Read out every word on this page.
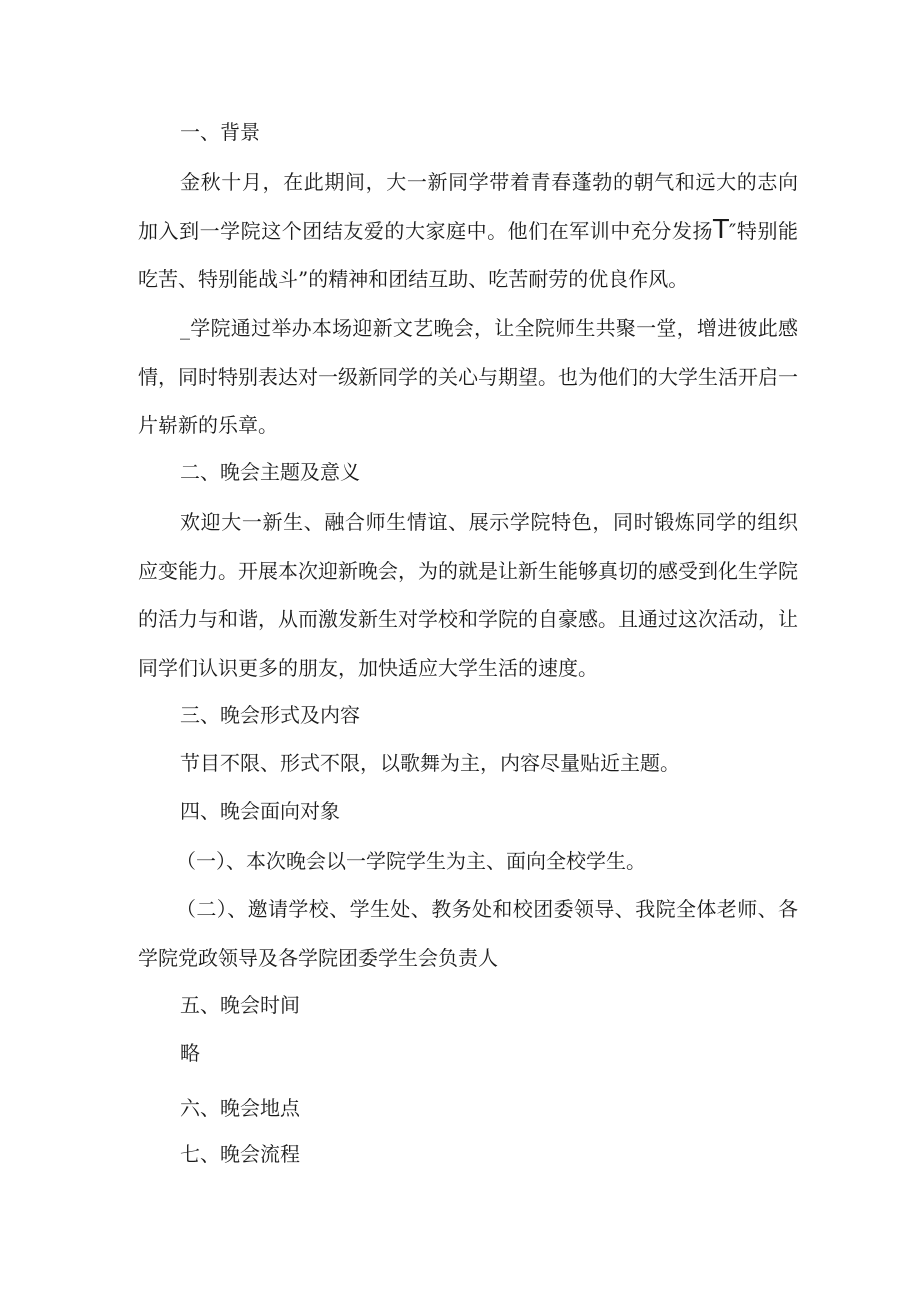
一、背景

金秋十月，在此期间，大一新同学带着青春蓬勃的朝气和远大的志向加入到一学院这个团结友爱的大家庭中。他们在军训中充分发扬T″特别能吃苦、特别能战斗”的精神和团结互助、吃苦耐劳的优良作风。

_学院通过举办本场迎新文艺晚会，让全院师生共聚一堂，增进彼此感情，同时特别表达对一级新同学的关心与期望。也为他们的大学生活开启一片崭新的乐章。

二、晚会主题及意义

欢迎大一新生、融合师生情谊、展示学院特色，同时锻炼同学的组织应变能力。开展本次迎新晚会，为的就是让新生能够真切的感受到化生学院的活力与和谐，从而激发新生对学校和学院的自豪感。且通过这次活动，让同学们认识更多的朋友，加快适应大学生活的速度。

三、晚会形式及内容

节目不限、形式不限，以歌舞为主，内容尽量贴近主题。

四、晚会面向对象

（一）、本次晚会以一学院学生为主、面向全校学生。

（二）、邀请学校、学生处、教务处和校团委领导、我院全体老师、各学院党政领导及各学院团委学生会负责人

五、晚会时间

略

六、晚会地点

七、晚会流程
